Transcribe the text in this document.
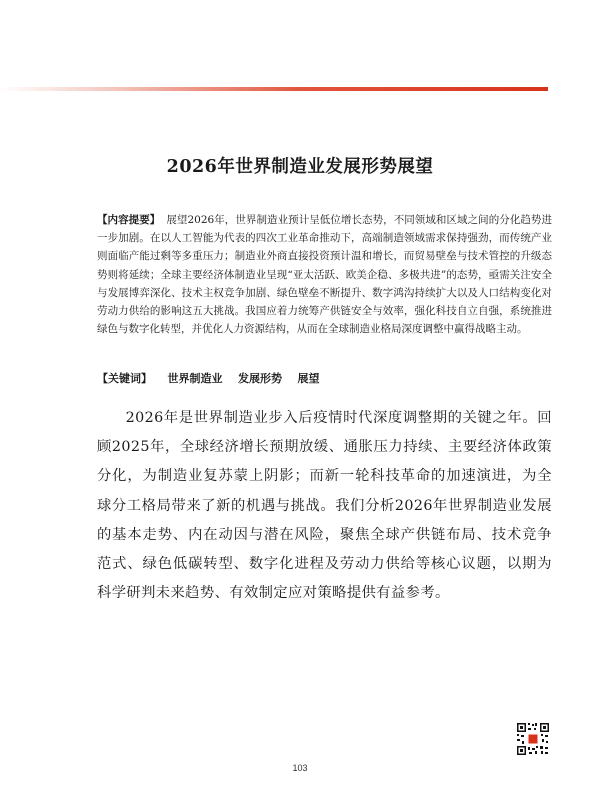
2026年世界制造业发展形势展望
【内容提要】 展望2026年，世界制造业预计呈低位增长态势，不同领域和区域之间的分化趋势进一步加剧。在以人工智能为代表的四次工业革命推动下，高端制造领域需求保持强劲，而传统产业则面临产能过剩等多重压力；制造业外商直接投资预计温和增长，而贸易壁垒与技术管控的升级态势则将延续；全球主要经济体制造业呈现“亚太活跃、欧美企稳、多极共进”的态势，亟需关注安全与发展博弈深化、技术主权竞争加剧、绿色壁垒不断提升、数字鸿沟持续扩大以及人口结构变化对劳动力供给的影响这五大挑战。我国应着力统筹产供链安全与效率，强化科技自立自强，系统推进绿色与数字化转型，并优化人力资源结构，从而在全球制造业格局深度调整中赢得战略主动。
【关键词】 世界制造业 发展形势 展望

2026年是世界制造业步入后疫情时代深度调整期的关键之年。回顾2025年，全球经济增长预期放缓、通胀压力持续、主要经济体政策分化，为制造业复苏蒙上阴影；而新一轮科技革命的加速演进，为全球分工格局带来了新的机遇与挑战。我们分析2026年世界制造业发展的基本走势、内在动因与潜在风险，聚焦全球产供链布局、技术竞争范式、绿色低碳转型、数字化进程及劳动力供给等核心议题，以期为科学研判未来趋势、有效制定应对策略提供有益参考。

103
